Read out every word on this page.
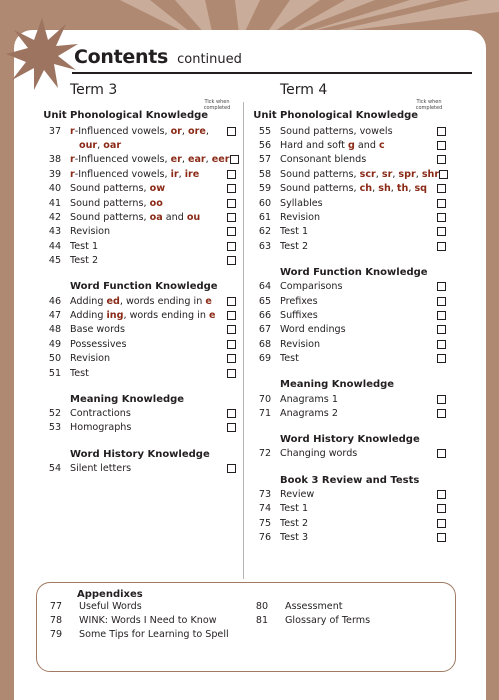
Contents continued
Term 3
Unit Phonological Knowledge
37 r-Influenced vowels, or, ore,
our, oar
38 r-Influenced vowels, er, ear, eer
39 r-Influenced vowels, ir, ire
40 Sound patterns, ow
41 Sound patterns, oo
42 Sound patterns, oa and ou
43 Revision
44 Test 1
45 Test 2
Word Function Knowledge
46 Adding ed, words ending in e
47 Adding ing, words ending in e
48 Base words
49 Possessives
50 Revision
51 Test
Meaning Knowledge
52 Contractions
53 Homographs
Word History Knowledge
54 Silent letters
Term 4
Unit Phonological Knowledge
55 Sound patterns, vowels
56 Hard and soft g and c
57 Consonant blends
58 Sound patterns, scr, sr, spr, shr
59 Sound patterns, ch, sh, th, sq
60 Syllables
61 Revision
62 Test 1
63 Test 2
Word Function Knowledge
64 Comparisons
65 Prefixes
66 Suffixes
67 Word endings
68 Revision
69 Test
Meaning Knowledge
70 Anagrams 1
71 Anagrams 2
Word History Knowledge
72 Changing words
Book 3 Review and Tests
73 Review
74 Test 1
75 Test 2
76 Test 3
Tick when completed
Tick when completed
Appendixes
77	Useful Words
78	WINK: Words I Need to Know
79	Some Tips for Learning to Spell
80	Assessment
81	Glossary of Terms
